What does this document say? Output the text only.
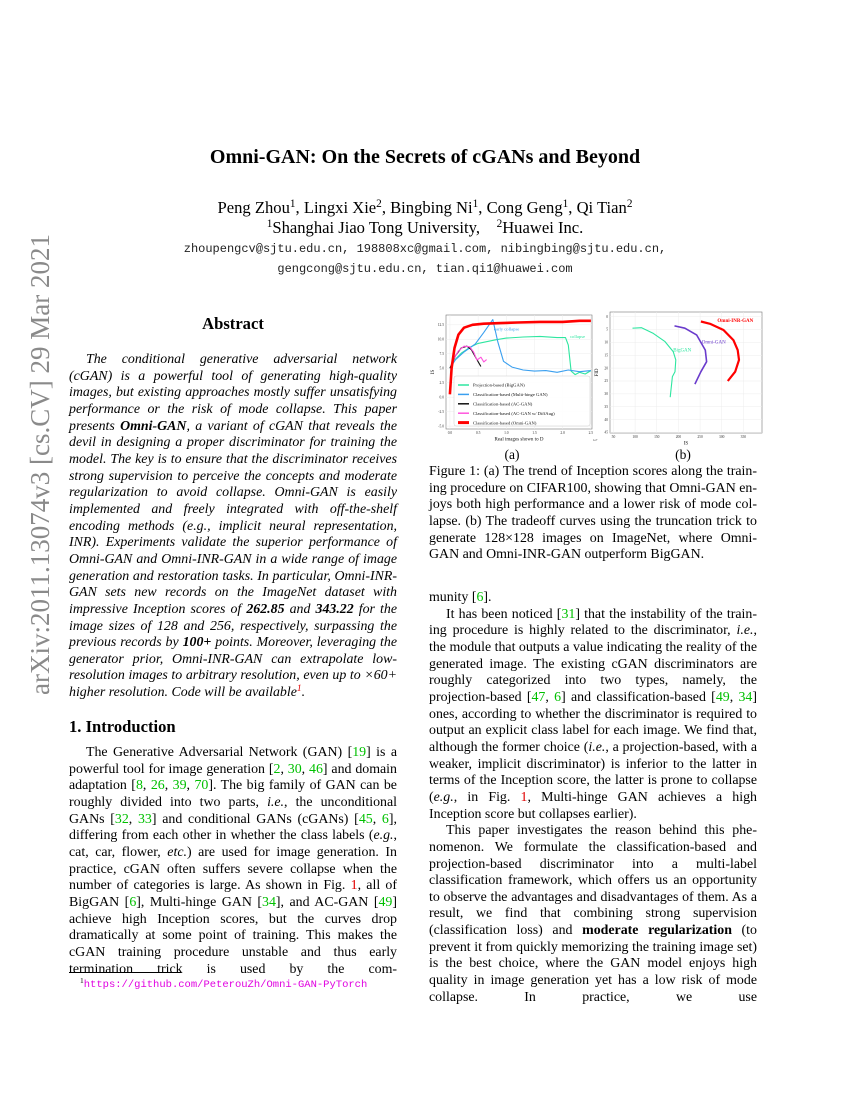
arXiv:2011.13074v3 [cs.CV] 29 Mar 2021
Omni-GAN: On the Secrets of cGANs and Beyond
Peng Zhou$^1$, Lingxi Xie$^2$, Bingbing Ni$^1$, Cong Geng$^1$, Qi Tian$^2$
$^1$Shanghai Jiao Tong University, $^2$Huawei Inc.
zhoupengcv@sjtu.edu.cn, 198808xc@gmail.com, nibingbing@sjtu.edu.cn,
gengcong@sjtu.edu.cn, tian.qi1@huawei.com
Abstract

The conditional generative adversarial network (cGAN) is a powerful tool of generating high-quality images, but existing approaches mostly suffer unsatisfying performance or the risk of mode collapse. This paper presents Omni-GAN, a variant of cGAN that reveals the devil in designing a proper discriminator for training the model. The key is to ensure that the discriminator receives strong supervision to perceive the concepts and moderate regularization to avoid collapse. Omni-GAN is easily implemented and freely integrated with off-the-shelf encoding methods (e.g., implicit neural representation, INR). Experiments validate the superior performance of Omni-GAN and Omni-INR-GAN in a wide range of image generation and restoration tasks. In particular, Omni-INR-GAN sets new records on the ImageNet dataset with impressive Inception scores of 262.85 and 343.22 for the image sizes of 128 and 256, respectively, surpassing the previous records by 100+ points. Moreover, leveraging the generator prior, Omni-INR-GAN can extrapolate low-resolution images to arbitrary resolution, even up to ×60+ higher resolution. Code will be available$^1$.

1. Introduction

The Generative Adversarial Network (GAN) [19] is a powerful tool for image generation [2, 30, 46] and domain adaptation [8, 26, 39, 70]. The big family of GAN can be roughly divided into two parts, i.e., the unconditional GANs [32, 33] and conditional GANs (cGANs) [45, 6], differing from each other in whether the class labels (e.g., cat, car, flower, etc.) are used for image generation. In practice, cGAN often suffers severe collapse when the number of categories is large. As shown in Fig. 1, all of BigGAN [6], Multi-hinge GAN [34], and AC-GAN [49] achieve high Inception scores, but the curves drop dramatically at some point of training. This makes the cGAN training procedure unstable and thus early termination trick is used by the com-

$^1$https://github.com/PeterouZh/Omni-GAN-PyTorch
0.0	0.5	1.0	1.5	2.0	2.5
12.5
10.0
7.5
5.0
2.5
0.0
-2.5
-5.0
Real images shown to D
IS
1e7
early collapse
collapse
Projection-based (BigGAN)
Classification-based (Multi-hinge GAN)
Classification-based (AC-GAN)
Classification-based (AC-GAN w/ DiffAug)
Classification-based (Omni-GAN)
50	100	150	200	250	300	350
0
5
10
15
20
25
30
35
40
45
IS
FID
Omni-INR-GAN
Omni-GAN
BigGAN
(a)	(b)

Figure 1: (a) The trend of Inception scores along the training procedure on CIFAR100, showing that Omni-GAN enjoys both high performance and a lower risk of mode collapse. (b) The tradeoff curves using the truncation trick to generate 128×128 images on ImageNet, where Omni-GAN and Omni-INR-GAN outperform BigGAN.

munity [6].

It has been noticed [31] that the instability of the training procedure is highly related to the discriminator, i.e., the module that outputs a value indicating the reality of the generated image. The existing cGAN discriminators are roughly categorized into two types, namely, the projection-based [47, 6] and classification-based [49, 34] ones, according to whether the discriminator is required to output an explicit class label for each image. We find that, although the former choice (i.e., a projection-based, with a weaker, implicit discriminator) is inferior to the latter in terms of the Inception score, the latter is prone to collapse (e.g., in Fig. 1, Multi-hinge GAN achieves a high Inception score but collapses earlier).

This paper investigates the reason behind this phenomenon. We formulate the classification-based and projection-based discriminator into a multi-label classification framework, which offers us an opportunity to observe the advantages and disadvantages of them. As a result, we find that combining strong supervision (classification loss) and moderate regularization (to prevent it from quickly memorizing the training image set) is the best choice, where the GAN model enjoys high quality in image generation yet has a low risk of mode collapse. In practice, we use
